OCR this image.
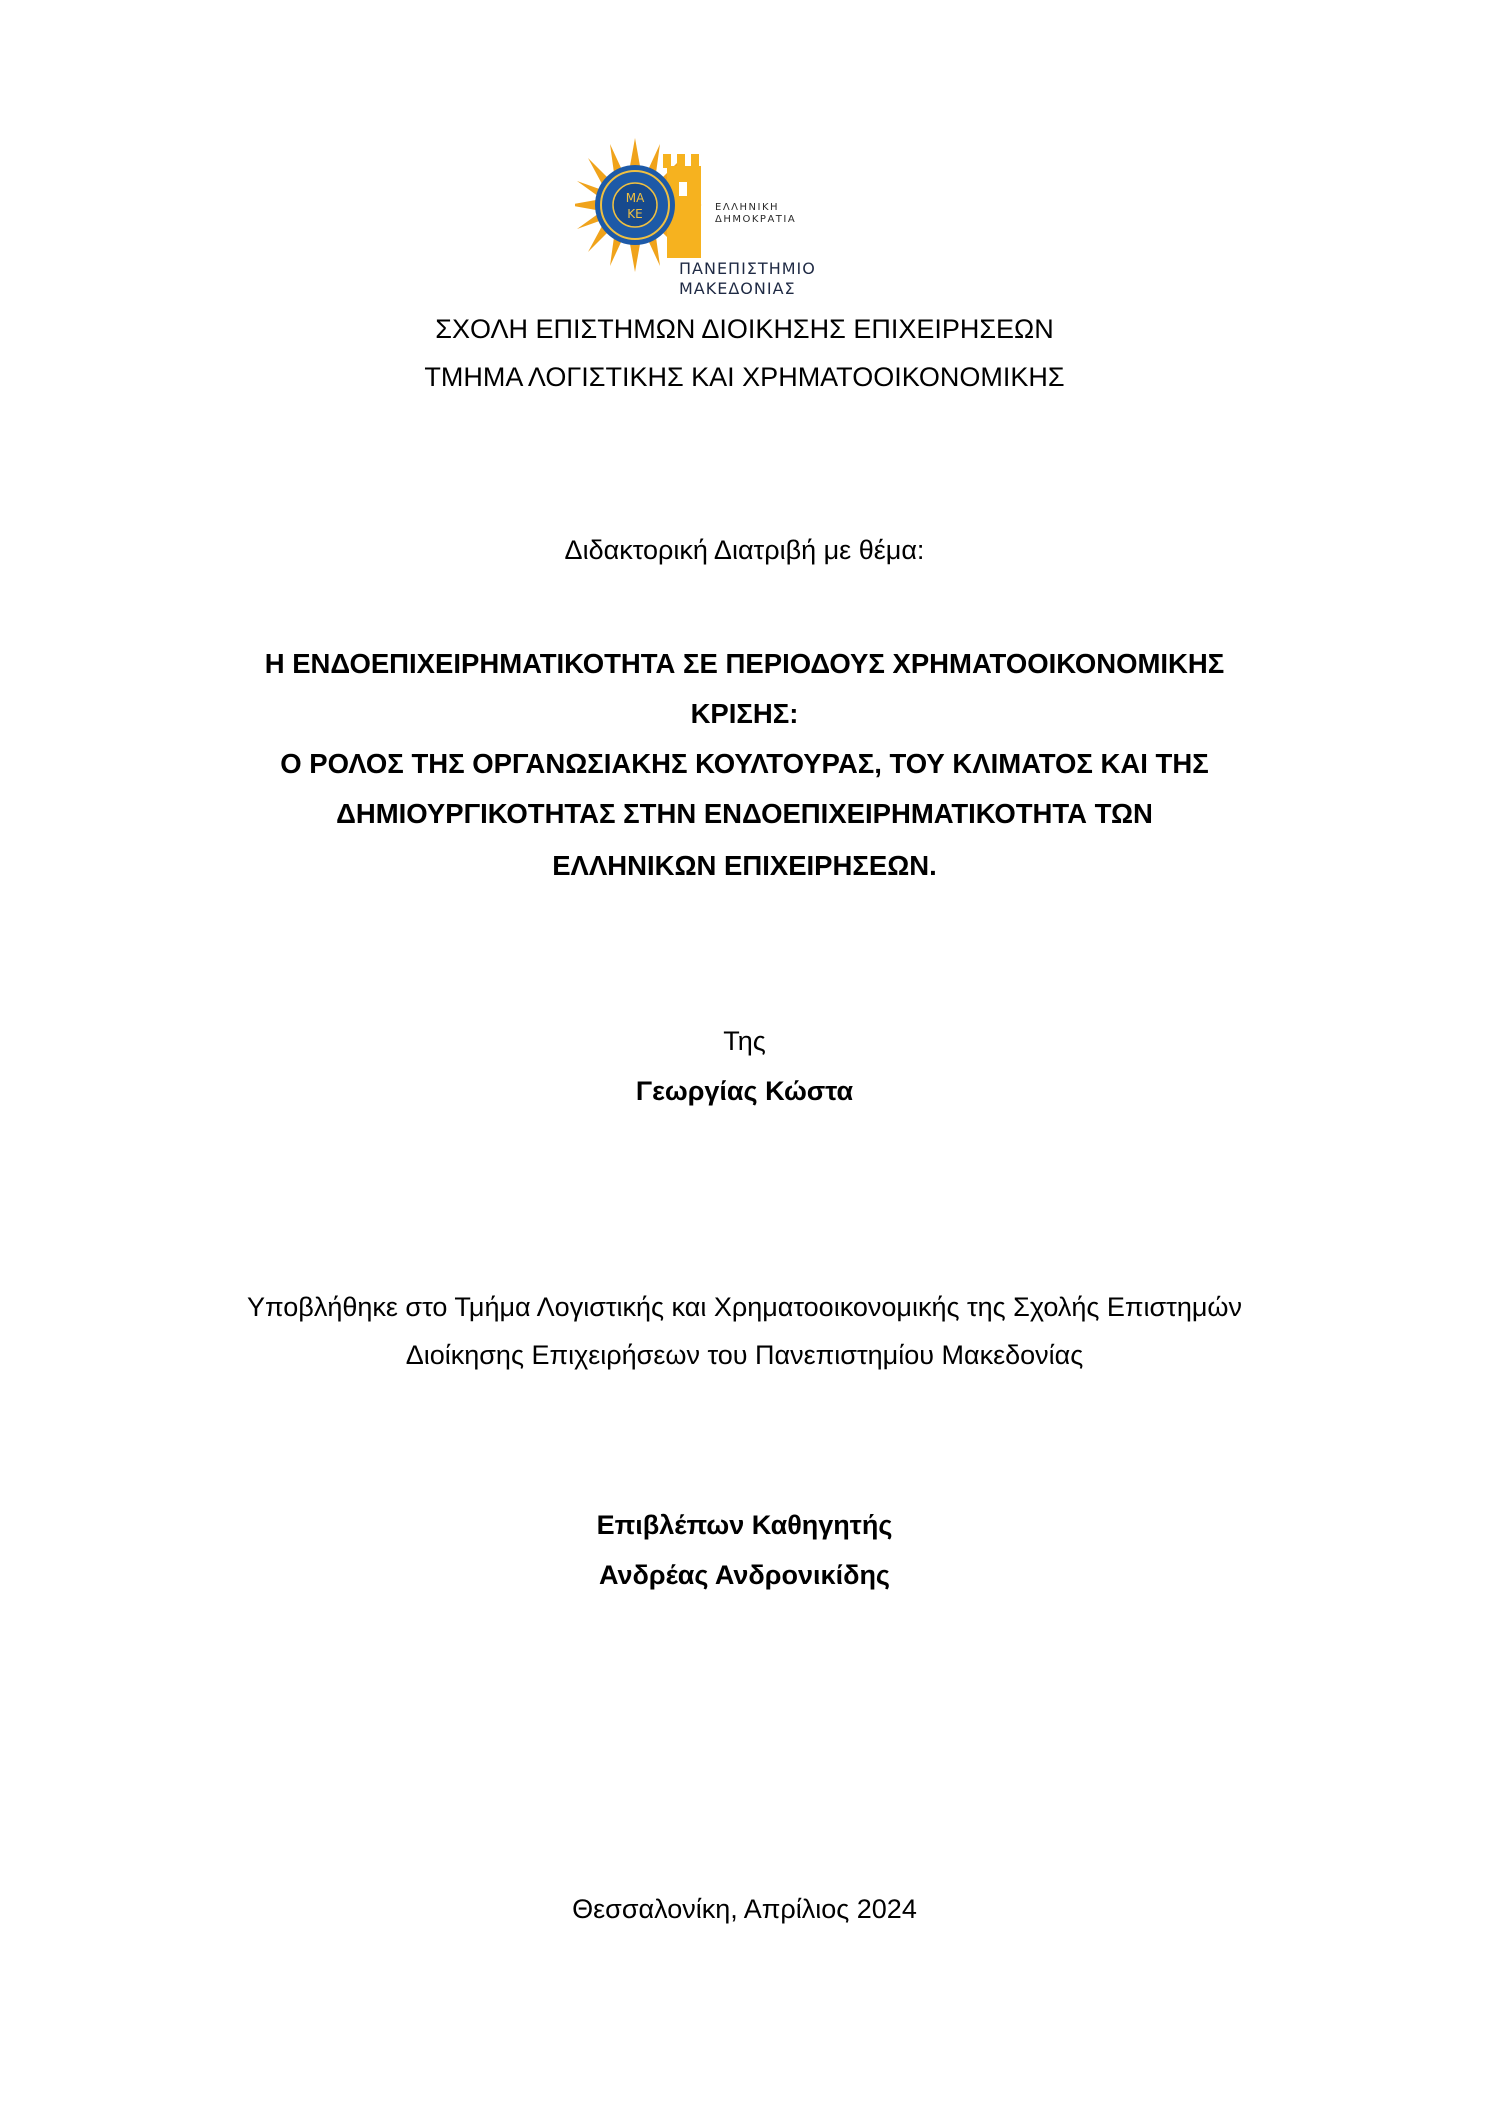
ΜΑ
ΚΕ	ΕΛΛΗΝΙΚΗ
ΔΗΜΟΚΡΑΤΙΑ
ΠΑΝΕΠΙΣΤΗΜΙΟ
ΜΑΚΕΔΟΝΙΑΣ
ΣΧΟΛΗ ΕΠΙΣΤΗΜΩΝ ΔΙΟΙΚΗΣΗΣ ΕΠΙΧΕΙΡΗΣΕΩΝ
ΤΜΗΜΑ ΛΟΓΙΣΤΙΚΗΣ ΚΑΙ ΧΡΗΜΑΤΟΟΙΚΟΝΟΜΙΚΗΣ
Διδακτορική Διατριβή με θέμα:
Η ΕΝΔΟΕΠΙΧΕΙΡΗΜΑΤΙΚΟΤΗΤΑ ΣΕ ΠΕΡΙΟΔΟΥΣ ΧΡΗΜΑΤΟΟΙΚΟΝΟΜΙΚΗΣ
ΚΡΙΣΗΣ:
Ο ΡΟΛΟΣ ΤΗΣ ΟΡΓΑΝΩΣΙΑΚΗΣ ΚΟΥΛΤΟΥΡΑΣ, ΤΟΥ ΚΛΙΜΑΤΟΣ ΚΑΙ ΤΗΣ
ΔΗΜΙΟΥΡΓΙΚΟΤΗΤΑΣ ΣΤΗΝ ΕΝΔΟΕΠΙΧΕΙΡΗΜΑΤΙΚΟΤΗΤΑ ΤΩΝ
ΕΛΛΗΝΙΚΩΝ ΕΠΙΧΕΙΡΗΣΕΩΝ.
Της
Γεωργίας Κώστα
Υποβλήθηκε στο Τμήμα Λογιστικής και Χρηματοοικονομικής της Σχολής Επιστημών
Διοίκησης Επιχειρήσεων του Πανεπιστημίου Μακεδονίας
Επιβλέπων Καθηγητής
Ανδρέας Ανδρονικίδης
Θεσσαλονίκη, Απρίλιος 2024
